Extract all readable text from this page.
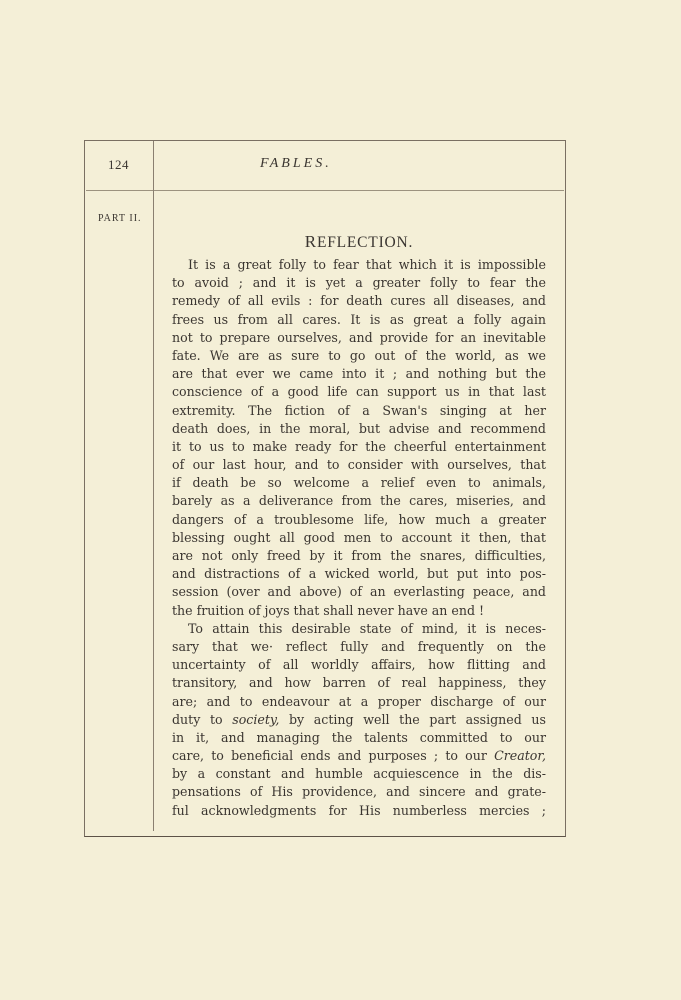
124	FABLES.
PART II.
REFLECTION.
It is a great folly to fear that which it is impossible
to avoid ; and it is yet a greater folly to fear the
remedy of all evils : for death cures all diseases, and
frees us from all cares. It is as great a folly again
not to prepare ourselves, and provide for an inevitable
fate. We are as sure to go out of the world, as we
are that ever we came into it ; and nothing but the
conscience of a good life can support us in that last
extremity. The fiction of a Swan's singing at her
death does, in the moral, but advise and recommend
it to us to make ready for the cheerful entertainment
of our last hour, and to consider with ourselves, that
if death be so welcome a relief even to animals,
barely as a deliverance from the cares, miseries, and
dangers of a troublesome life, how much a greater
blessing ought all good men to account it then, that
are not only freed by it from the snares, difficulties,
and distractions of a wicked world, but put into pos-
session (over and above) of an everlasting peace, and
the fruition of joys that shall never have an end !
To attain this desirable state of mind, it is neces-
sary that we· reflect fully and frequently on the
uncertainty of all worldly affairs, how flitting and
transitory, and how barren of real happiness, they
are; and to endeavour at a proper discharge of our
duty to society, by acting well the part assigned us
in it, and managing the talents committed to our
care, to beneficial ends and purposes ; to our Creator,
by a constant and humble acquiescence in the dis-
pensations of His providence, and sincere and grate-
ful acknowledgments for His numberless mercies ;
